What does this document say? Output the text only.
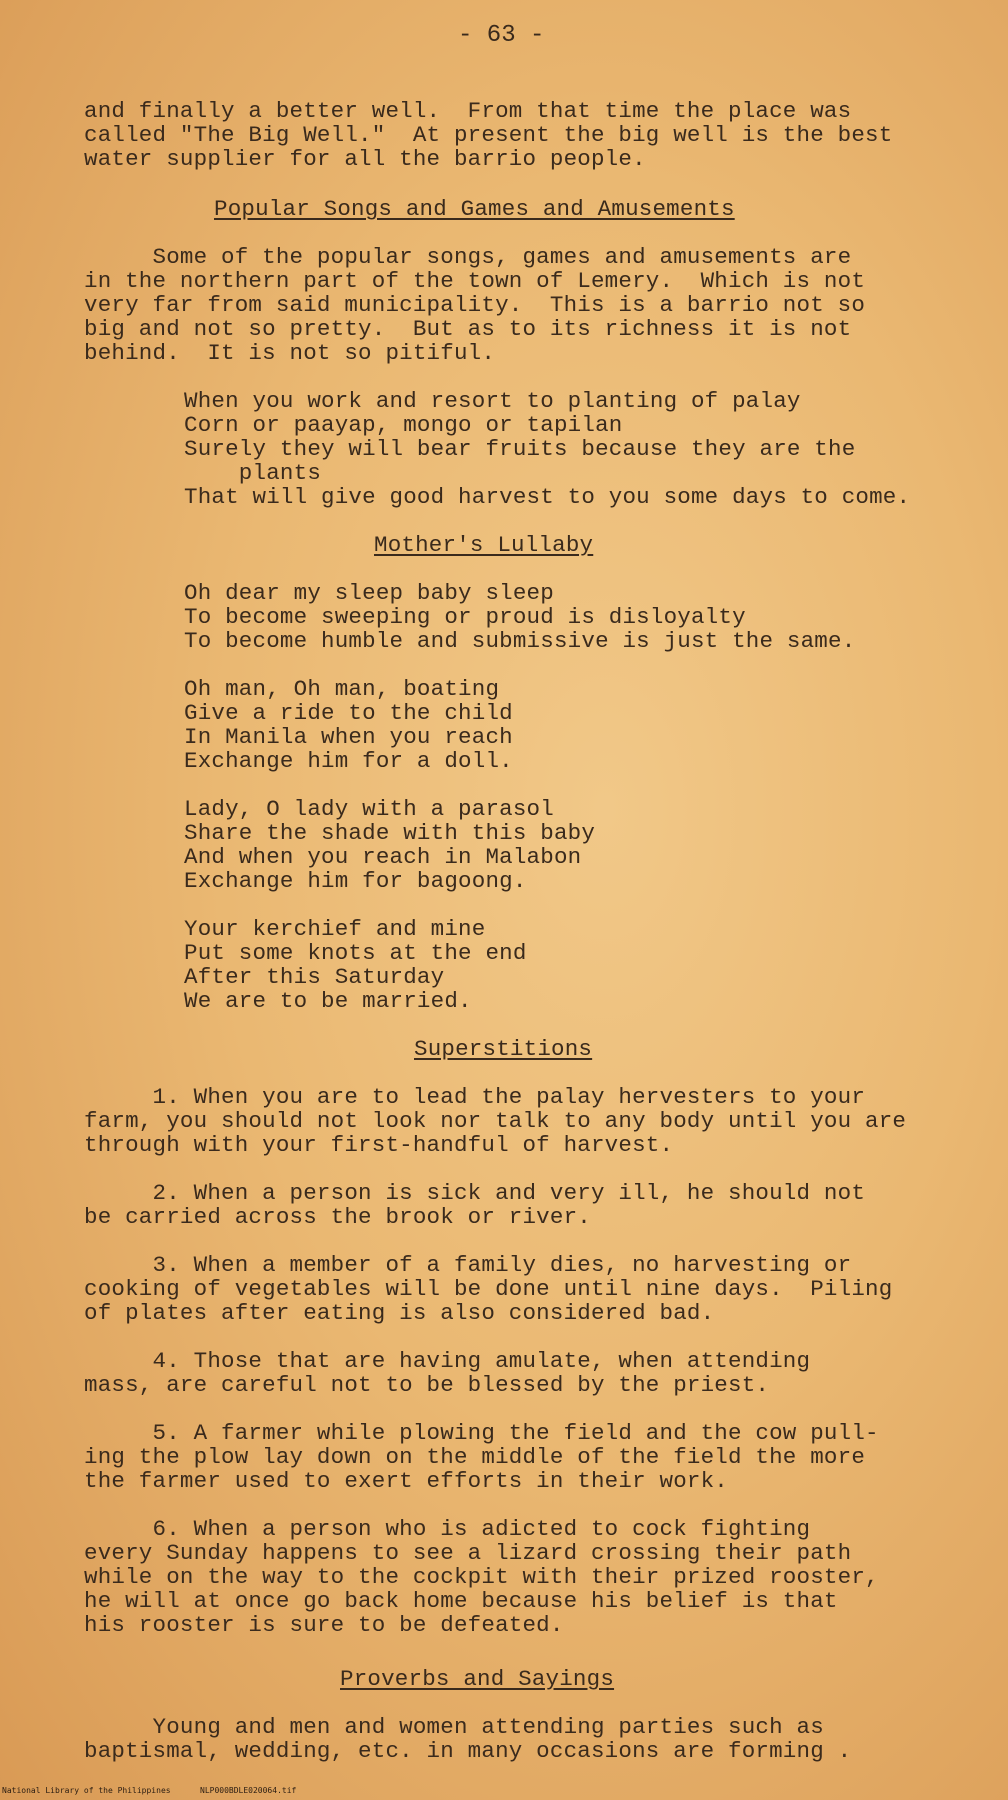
- 63 -
and finally a better well.  From that time the place was
called "The Big Well."  At present the big well is the best
water supplier for all the barrio people.
Popular Songs and Games and Amusements
Some of the popular songs, games and amusements are
in the northern part of the town of Lemery.  Which is not
very far from said municipality.  This is a barrio not so
big and not so pretty.  But as to its richness it is not
behind.  It is not so pitiful.
When you work and resort to planting of palay
Corn or paayap, mongo or tapilan
Surely they will bear fruits because they are the
plants
That will give good harvest to you some days to come.
Mother's Lullaby
Oh dear my sleep baby sleep
To become sweeping or proud is disloyalty
To become humble and submissive is just the same.
Oh man, Oh man, boating
Give a ride to the child
In Manila when you reach
Exchange him for a doll.
Lady, O lady with a parasol
Share the shade with this baby
And when you reach in Malabon
Exchange him for bagoong.
Your kerchief and mine
Put some knots at the end
After this Saturday
We are to be married.
Superstitions
1. When you are to lead the palay hervesters to your
farm, you should not look nor talk to any body until you are
through with your first-handful of harvest.
2. When a person is sick and very ill, he should not
be carried across the brook or river.
3. When a member of a family dies, no harvesting or
cooking of vegetables will be done until nine days.  Piling
of plates after eating is also considered bad.
4. Those that are having amulate, when attending
mass, are careful not to be blessed by the priest.
5. A farmer while plowing the field and the cow pull-
ing the plow lay down on the middle of the field the more
the farmer used to exert efforts in their work.
6. When a person who is adicted to cock fighting
every Sunday happens to see a lizard crossing their path
while on the way to the cockpit with their prized rooster,
he will at once go back home because his belief is that
his rooster is sure to be defeated.
Proverbs and Sayings
Young and men and women attending parties such as
baptismal, wedding, etc. in many occasions are forming .
National Library of the Philippines	NLP000BDLE020064.tif
